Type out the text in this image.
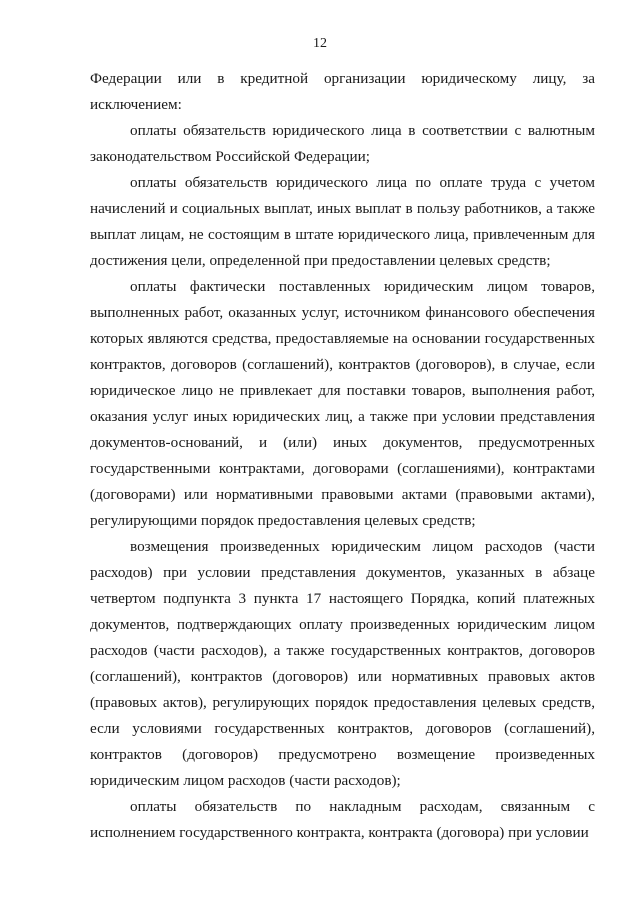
12

Федерации или в кредитной организации юридическому лицу, за исключением:

оплаты обязательств юридического лица в соответствии с валютным законодательством Российской Федерации;

оплаты обязательств юридического лица по оплате труда с учетом начислений и социальных выплат, иных выплат в пользу работников, а также выплат лицам, не состоящим в штате юридического лица, привлеченным для достижения цели, определенной при предоставлении целевых средств;

оплаты фактически поставленных юридическим лицом товаров, выполненных работ, оказанных услуг, источником финансового обеспечения которых являются средства, предоставляемые на основании государственных контрактов, договоров (соглашений), контрактов (договоров), в случае, если юридическое лицо не привлекает для поставки товаров, выполнения работ, оказания услуг иных юридических лиц, а также при условии представления документов-оснований, и (или) иных документов, предусмотренных государственными контрактами, договорами (соглашениями), контрактами (договорами) или нормативными правовыми актами (правовыми актами), регулирующими порядок предоставления целевых средств;

возмещения произведенных юридическим лицом расходов (части расходов) при условии представления документов, указанных в абзаце четвертом подпункта 3 пункта 17 настоящего Порядка, копий платежных документов, подтверждающих оплату произведенных юридическим лицом расходов (части расходов), а также государственных контрактов, договоров (соглашений), контрактов (договоров) или нормативных правовых актов (правовых актов), регулирующих порядок предоставления целевых средств, если условиями государственных контрактов, договоров (соглашений), контрактов (договоров) предусмотрено возмещение произведенных юридическим лицом расходов (части расходов);

оплаты обязательств по накладным расходам, связанным с исполнением государственного контракта, контракта (договора) при условии
